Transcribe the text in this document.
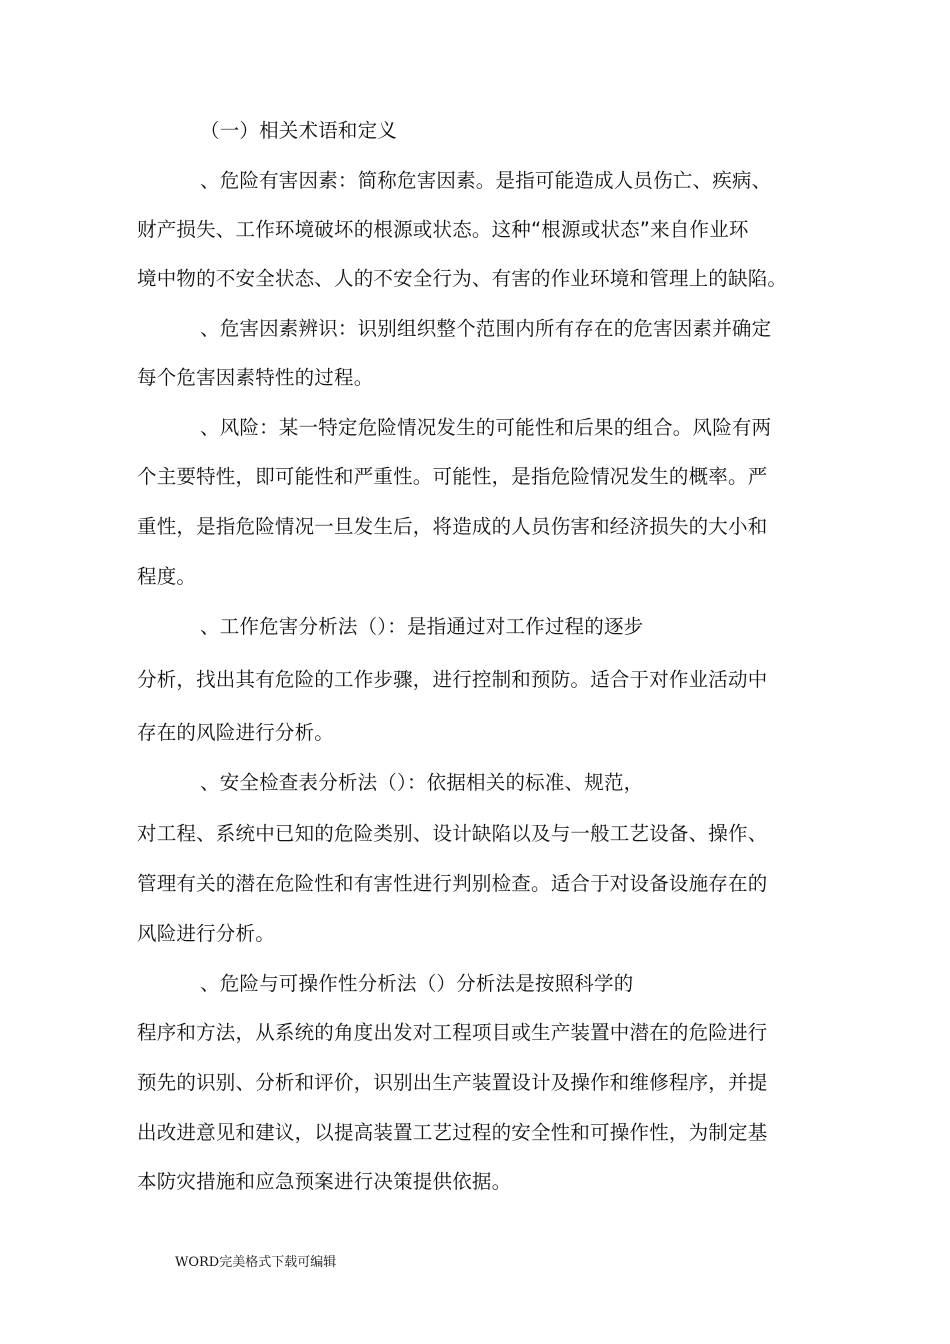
（一）相关术语和定义
、危险有害因素：简称危害因素。是指可能造成人员伤亡、疾病、
财产损失、工作环境破坏的根源或状态。这种“根源或状态”来自作业环
境中物的不安全状态、人的不安全行为、有害的作业环境和管理上的缺陷。
、危害因素辨识：识别组织整个范围内所有存在的危害因素并确定
每个危害因素特性的过程。
、风险：某一特定危险情况发生的可能性和后果的组合。风险有两
个主要特性，即可能性和严重性。可能性，是指危险情况发生的概率。严
重性，是指危险情况一旦发生后，将造成的人员伤害和经济损失的大小和
程度。
、工作危害分析法（）：是指通过对工作过程的逐步
分析，找出其有危险的工作步骤，进行控制和预防。适合于对作业活动中
存在的风险进行分析。
、安全检查表分析法（）：依据相关的标准、规范，
对工程、系统中已知的危险类别、设计缺陷以及与一般工艺设备、操作、
管理有关的潜在危险性和有害性进行判别检查。适合于对设备设施存在的
风险进行分析。
、危险与可操作性分析法（）分析法是按照科学的
程序和方法，从系统的角度出发对工程项目或生产装置中潜在的危险进行
预先的识别、分析和评价，识别出生产装置设计及操作和维修程序，并提
出改进意见和建议，以提高装置工艺过程的安全性和可操作性，为制定基
本防灾措施和应急预案进行决策提供依据。
WORD完美格式下载可编辑
